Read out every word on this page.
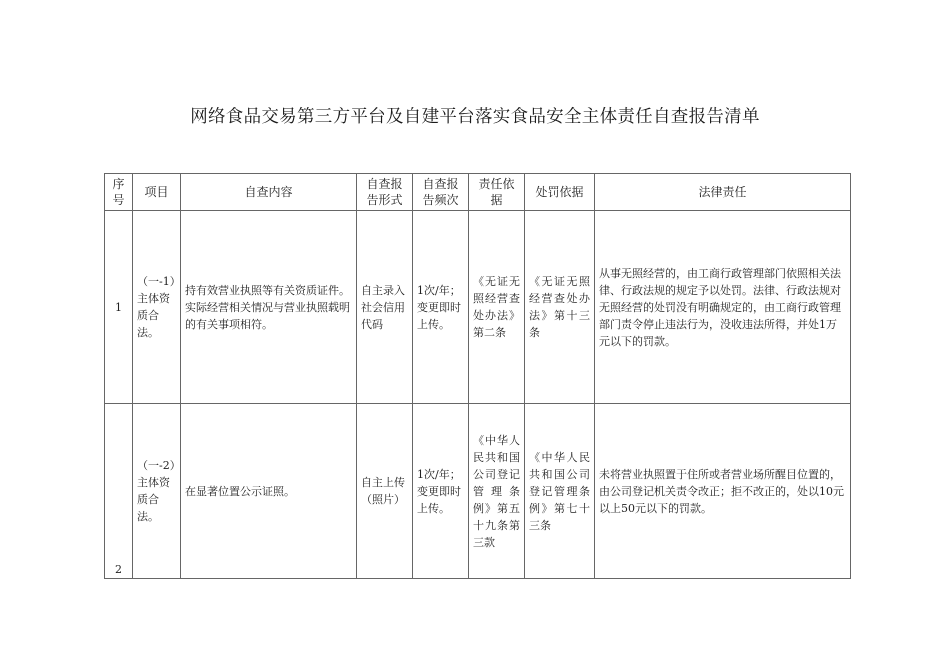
网络食品交易第三方平台及自建平台落实食品安全主体责任自查报告清单
序号	项目	自查内容	自查报告形式	自查报告频次	责任依据	处罚依据	法律责任
1	（一-1）主体资质合法。	持有效营业执照等有关资质证件。实际经营相关情况与营业执照载明的有关事项相符。	自主录入社会信用代码	1次/年；变更即时上传。	《无证无照经营查处办法》第二条	《无证无照经营查处办法》第十三条	从事无照经营的，由工商行政管理部门依照相关法律、行政法规的规定予以处罚。法律、行政法规对无照经营的处罚没有明确规定的，由工商行政管理部门责令停止违法行为，没收违法所得，并处1万元以下的罚款。
2	（一-2）主体资质合法。	在显著位置公示证照。	自主上传（照片）	1次/年；变更即时上传。	《中华人民共和国公司登记管理条例》第五十九条第三款	《中华人民共和国公司登记管理条例》第七十三条	未将营业执照置于住所或者营业场所醒目位置的，由公司登记机关责令改正；拒不改正的，处以10元以上50元以下的罚款。
